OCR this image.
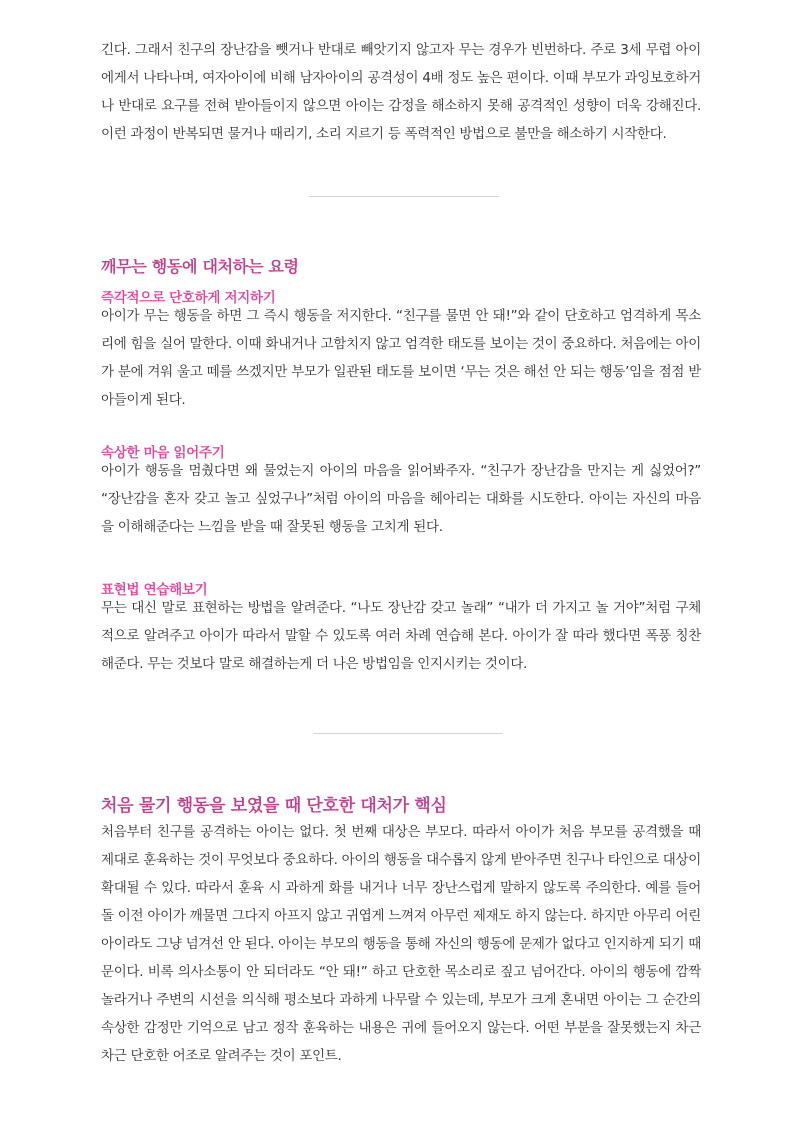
긴다. 그래서 친구의 장난감을 뺏거나 반대로 빼앗기지 않고자 무는 경우가 빈번하다. 주로 3세 무렵 아이에게서 나타나며, 여자아이에 비해 남자아이의 공격성이 4배 정도 높은 편이다. 이때 부모가 과잉보호하거나 반대로 요구를 전혀 받아들이지 않으면 아이는 감정을 해소하지 못해 공격적인 성향이 더욱 강해진다. 이런 과정이 반복되면 물거나 때리기, 소리 지르기 등 폭력적인 방법으로 불만을 해소하기 시작한다.

깨무는 행동에 대처하는 요령
즉각적으로 단호하게 저지하기

아이가 무는 행동을 하면 그 즉시 행동을 저지한다. “친구를 물면 안 돼!”와 같이 단호하고 엄격하게 목소리에 힘을 실어 말한다. 이때 화내거나 고함치지 않고 엄격한 태도를 보이는 것이 중요하다. 처음에는 아이가 분에 겨워 울고 떼를 쓰겠지만 부모가 일관된 태도를 보이면 ‘무는 것은 해선 안 되는 행동’임을 점점 받아들이게 된다.

속상한 마음 읽어주기

아이가 행동을 멈췄다면 왜 물었는지 아이의 마음을 읽어봐주자. “친구가 장난감을 만지는 게 싫었어?” “장난감을 혼자 갖고 놀고 싶었구나”처럼 아이의 마음을 헤아리는 대화를 시도한다. 아이는 자신의 마음을 이해해준다는 느낌을 받을 때 잘못된 행동을 고치게 된다.

표현법 연습해보기

무는 대신 말로 표현하는 방법을 알려준다. “나도 장난감 갖고 놀래” “내가 더 가지고 놀 거야”처럼 구체적으로 알려주고 아이가 따라서 말할 수 있도록 여러 차례 연습해 본다. 아이가 잘 따라 했다면 폭풍 칭찬해준다. 무는 것보다 말로 해결하는게 더 나은 방법임을 인지시키는 것이다.

처음 물기 행동을 보였을 때 단호한 대처가 핵심

처음부터 친구를 공격하는 아이는 없다. 첫 번째 대상은 부모다. 따라서 아이가 처음 부모를 공격했을 때 제대로 훈육하는 것이 무엇보다 중요하다. 아이의 행동을 대수롭지 않게 받아주면 친구나 타인으로 대상이 확대될 수 있다. 따라서 훈육 시 과하게 화를 내거나 너무 장난스럽게 말하지 않도록 주의한다. 예를 들어 돌 이전 아이가 깨물면 그다지 아프지 않고 귀엽게 느껴져 아무런 제재도 하지 않는다. 하지만 아무리 어린아이라도 그냥 넘겨선 안 된다. 아이는 부모의 행동을 통해 자신의 행동에 문제가 없다고 인지하게 되기 때문이다. 비록 의사소통이 안 되더라도 “안 돼!” 하고 단호한 목소리로 짚고 넘어간다. 아이의 행동에 깜짝 놀라거나 주변의 시선을 의식해 평소보다 과하게 나무랄 수 있는데, 부모가 크게 혼내면 아이는 그 순간의 속상한 감정만 기억으로 남고 정작 훈육하는 내용은 귀에 들어오지 않는다. 어떤 부분을 잘못했는지 차근차근 단호한 어조로 알려주는 것이 포인트.
